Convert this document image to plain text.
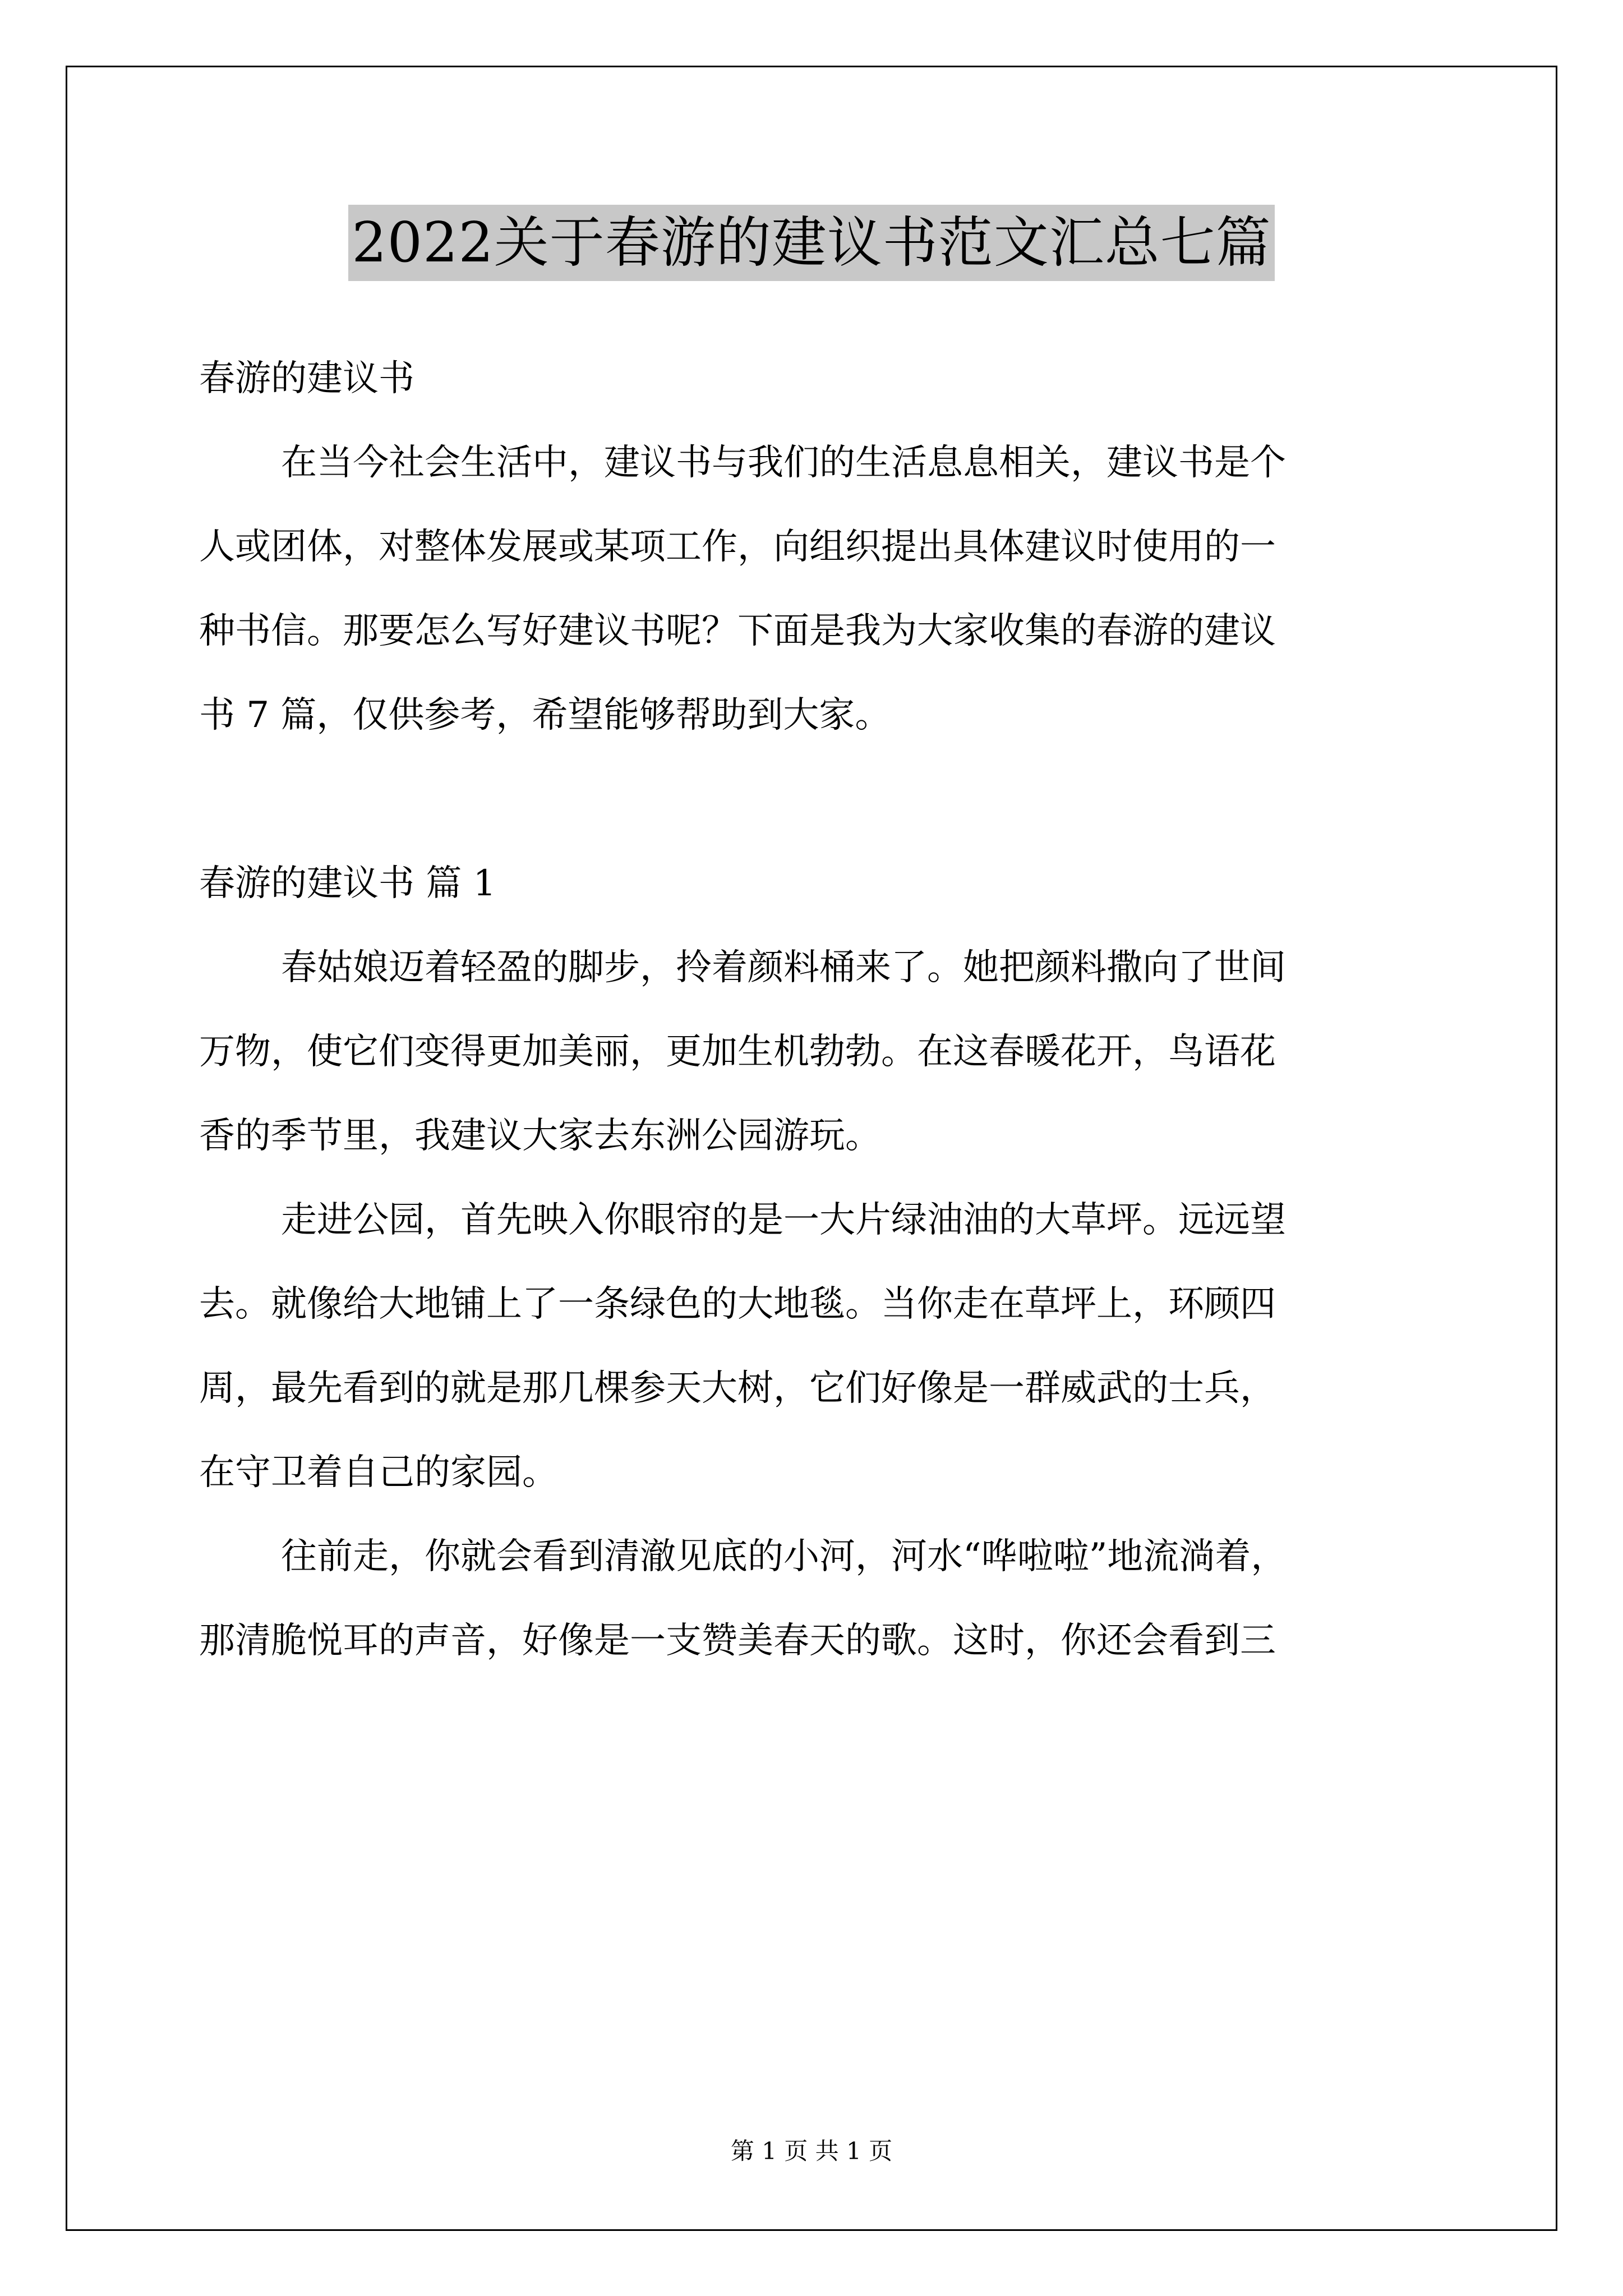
2022关于春游的建议书范文汇总七篇
春游的建议书
在当今社会生活中，建议书与我们的生活息息相关，建议书是个
人或团体，对整体发展或某项工作，向组织提出具体建议时使用的一
种书信。那要怎么写好建议书呢？下面是我为大家收集的春游的建议
书 7 篇，仅供参考，希望能够帮助到大家。
春游的建议书 篇 1
春姑娘迈着轻盈的脚步，拎着颜料桶来了。她把颜料撒向了世间
万物，使它们变得更加美丽，更加生机勃勃。在这春暖花开，鸟语花
香的季节里，我建议大家去东洲公园游玩。
走进公园，首先映入你眼帘的是一大片绿油油的大草坪。远远望
去。就像给大地铺上了一条绿色的大地毯。当你走在草坪上，环顾四
周，最先看到的就是那几棵参天大树，它们好像是一群威武的士兵，
在守卫着自己的家园。
往前走，你就会看到清澈见底的小河，河水“哗啦啦”地流淌着，
那清脆悦耳的声音，好像是一支赞美春天的歌。这时，你还会看到三
第 1 页 共 1 页
